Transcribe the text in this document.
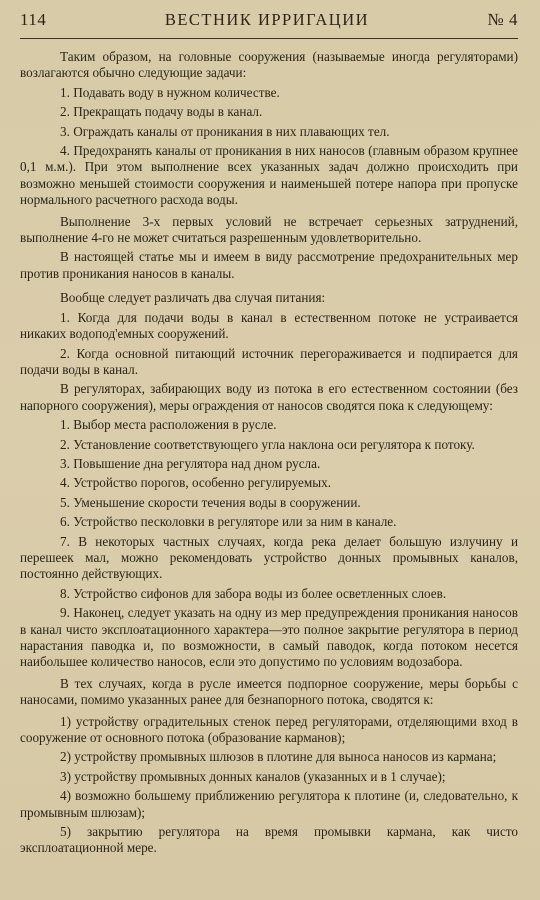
114	ВЕСТНИК ИРРИГАЦИИ	№ 4

Таким образом, на головные сооружения (называемые иногда регуляторами) возлагаются обычно следующие задачи:

1. Подавать воду в нужном количестве.

2. Прекращать подачу воды в канал.

3. Ограждать каналы от проникания в них плавающих тел.

4. Предохранять каналы от проникания в них наносов (главным образом крупнее 0,1 м.м.). При этом выполнение всех указанных задач должно происходить при возможно меньшей стоимости сооружения и наименьшей потере напора при пропуске нормального расчетного расхода воды.

Выполнение 3-х первых условий не встречает серьезных затруднений, выполнение 4-го не может считаться разрешенным удовлетворительно.

В настоящей статье мы и имеем в виду рассмотрение предохранительных мер против проникания наносов в каналы.

Вообще следует различать два случая питания:

1. Когда для подачи воды в канал в естественном потоке не устраивается никаких водопод'емных сооружений.

2. Когда основной питающий источник перегораживается и подпирается для подачи воды в канал.

В регуляторах, забирающих воду из потока в его естественном состоянии (без напорного сооружения), меры ограждения от наносов сводятся пока к следующему:

1. Выбор места расположения в русле.

2. Установление соответствующего угла наклона оси регулятора к потоку.

3. Повышение дна регулятора над дном русла.

4. Устройство порогов, особенно регулируемых.

5. Уменьшение скорости течения воды в сооружении.

6. Устройство песколовки в регуляторе или за ним в канале.

7. В некоторых частных случаях, когда река делает большую излучину и перешеек мал, можно рекомендовать устройство донных промывных каналов, постоянно действующих.

8. Устройство сифонов для забора воды из более осветленных слоев.

9. Наконец, следует указать на одну из мер предупреждения проникания наносов в канал чисто эксплоатационного характера—это полное закрытие регулятора в период нарастания паводка и, по возможности, в самый паводок, когда потоком несется наибольшее количество наносов, если это допустимо по условиям водозабора.

В тех случаях, когда в русле имеется подпорное сооружение, меры борьбы с наносами, помимо указанных ранее для безнапорного потока, сводятся к:

1) устройству оградительных стенок перед регуляторами, отделяющими вход в сооружение от основного потока (образование карманов);

2) устройству промывных шлюзов в плотине для выноса наносов из кармана;

3) устройству промывных донных каналов (указанных и в 1 случае);

4) возможно большему приближению регулятора к плотине (и, следовательно, к промывным шлюзам);

5) закрытию регулятора на время промывки кармана, как чисто эксплоатационной мере.
